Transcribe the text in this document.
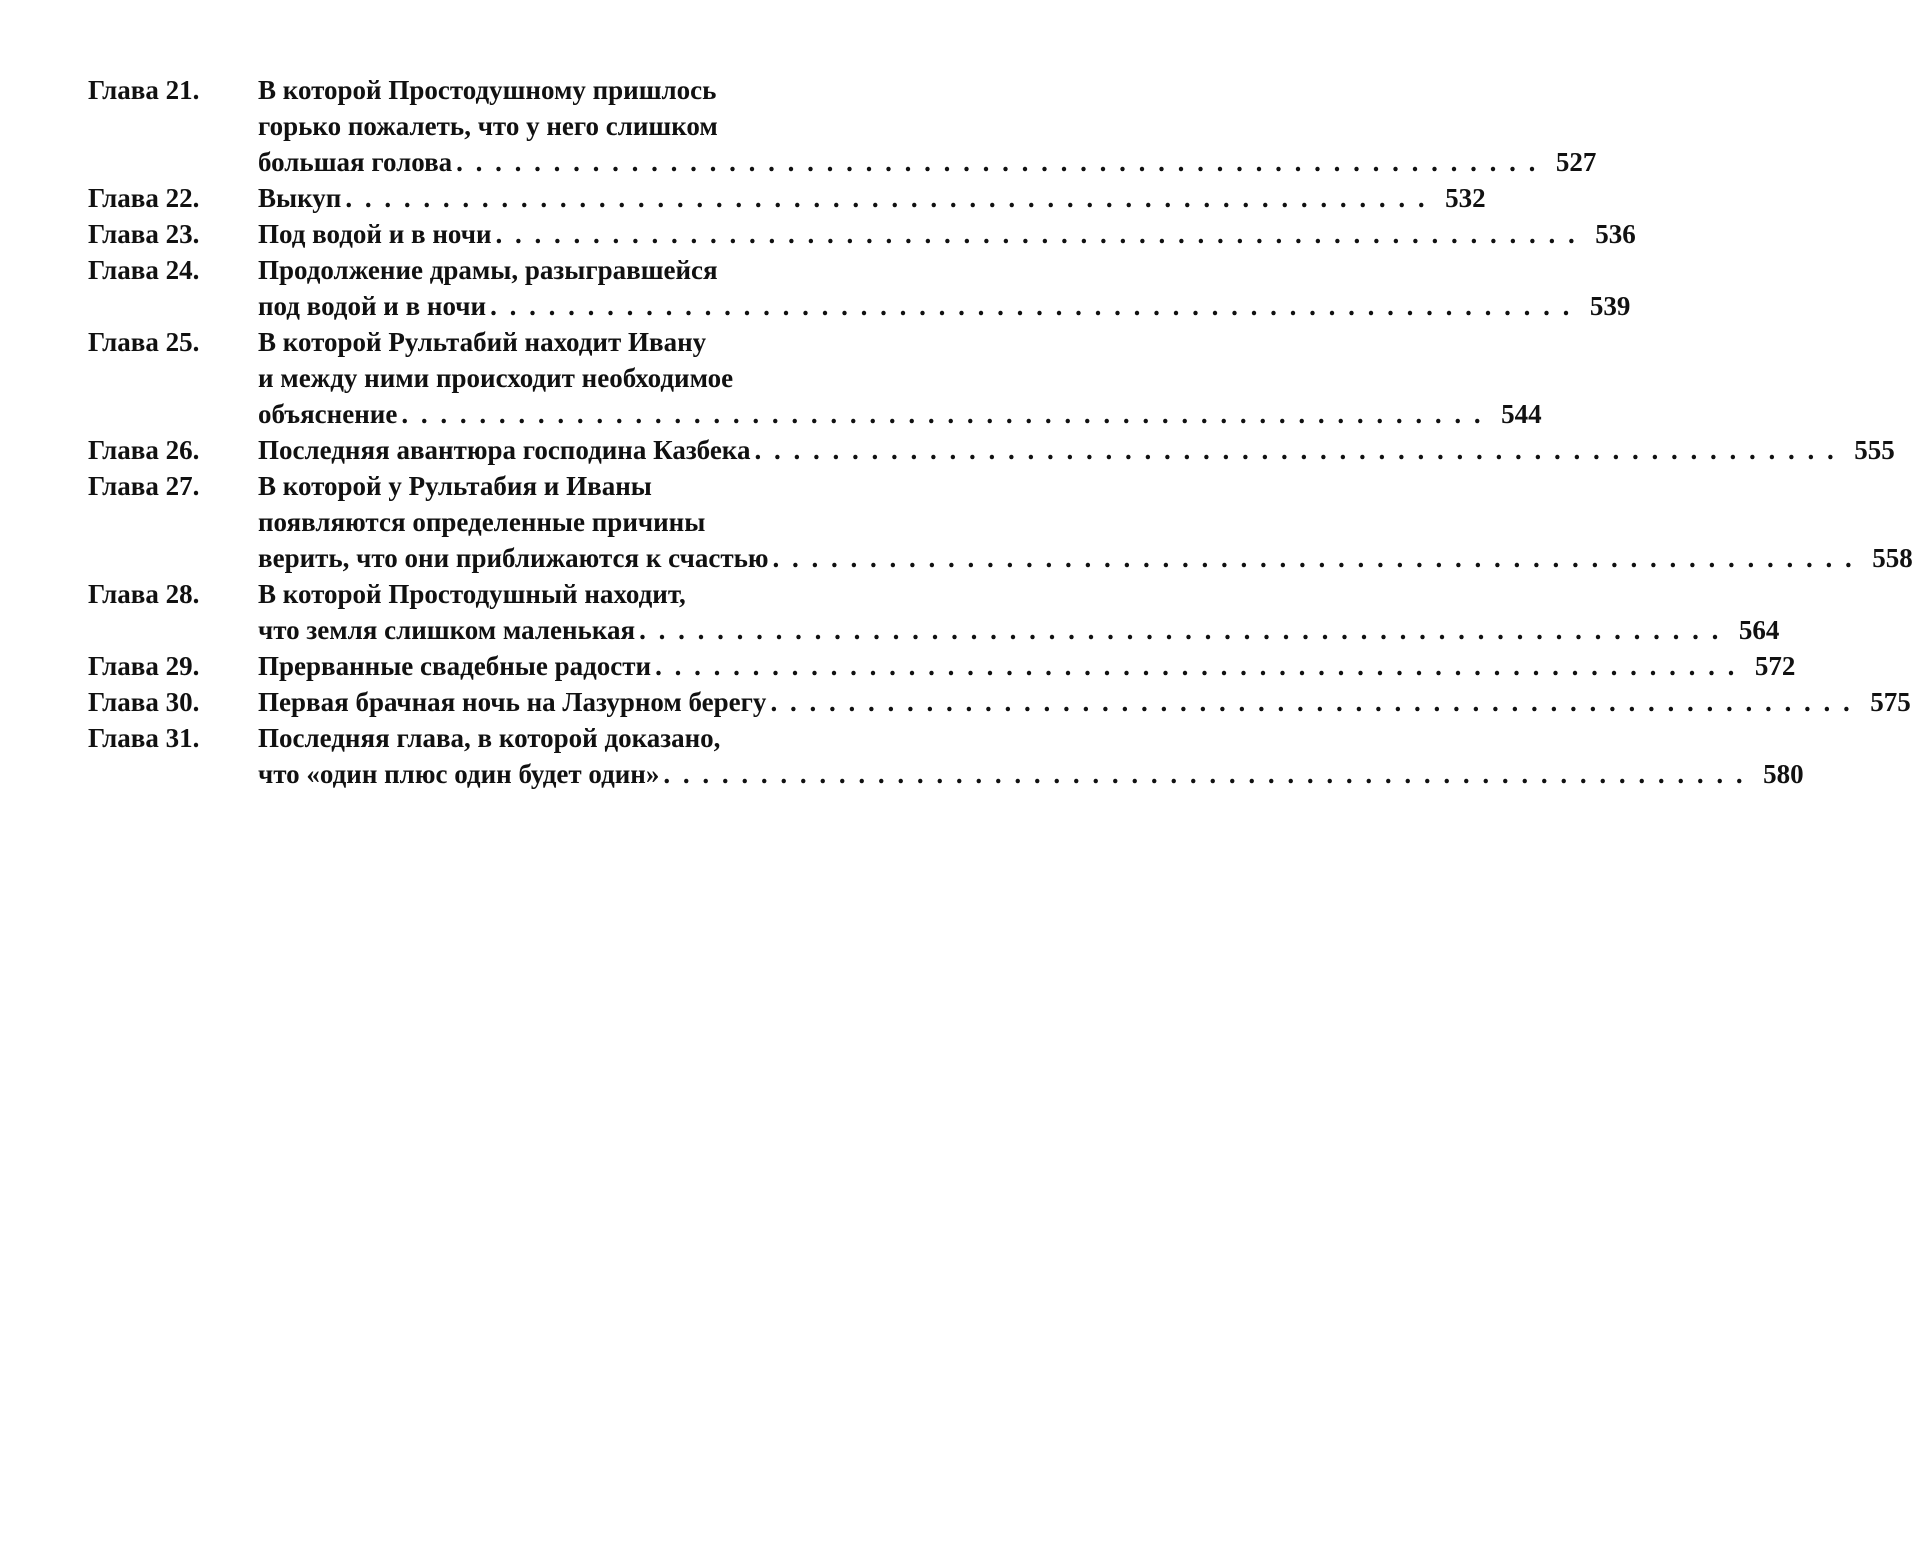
Глава 21.	В которой Простодушному пришлось
горько пожалеть, что у него слишком
большая голова . . . . . . . . . . . . . . . . . . . . . . . . . . . . . . . . . . . . . . . . . . . . . . . . . . . . . . . . 527
Глава 22.	Выкуп . . . . . . . . . . . . . . . . . . . . . . . . . . . . . . . . . . . . . . . . . . . . . . . . . . . . . . . . 532
Глава 23.	Под водой и в ночи . . . . . . . . . . . . . . . . . . . . . . . . . . . . . . . . . . . . . . . . . . . . . . . . . . . . . . . . 536
Глава 24.	Продолжение драмы, разыгравшейся
под водой и в ночи . . . . . . . . . . . . . . . . . . . . . . . . . . . . . . . . . . . . . . . . . . . . . . . . . . . . . . . . 539
Глава 25.	В которой Рультабий находит Ивану
и между ними происходит необходимое
объяснение . . . . . . . . . . . . . . . . . . . . . . . . . . . . . . . . . . . . . . . . . . . . . . . . . . . . . . . . 544
Глава 26.	Последняя авантюра господина Казбека . . . . . . . . . . . . . . . . . . . . . . . . . . . . . . . . . . . . . . . . . . . . . . . . . . . . . . . . 555
Глава 27.	В которой у Рультабия и Иваны
появляются определенные причины
верить, что они приближаются к счастью . . . . . . . . . . . . . . . . . . . . . . . . . . . . . . . . . . . . . . . . . . . . . . . . . . . . . . . . 558
Глава 28.	В которой Простодушный находит,
что земля слишком маленькая . . . . . . . . . . . . . . . . . . . . . . . . . . . . . . . . . . . . . . . . . . . . . . . . . . . . . . . . 564
Глава 29.	Прерванные свадебные радости . . . . . . . . . . . . . . . . . . . . . . . . . . . . . . . . . . . . . . . . . . . . . . . . . . . . . . . . 572
Глава 30.	Первая брачная ночь на Лазурном берегу . . . . . . . . . . . . . . . . . . . . . . . . . . . . . . . . . . . . . . . . . . . . . . . . . . . . . . . . 575
Глава 31.	Последняя глава, в которой доказано,
что «один плюс один будет один» . . . . . . . . . . . . . . . . . . . . . . . . . . . . . . . . . . . . . . . . . . . . . . . . . . . . . . . . 580
